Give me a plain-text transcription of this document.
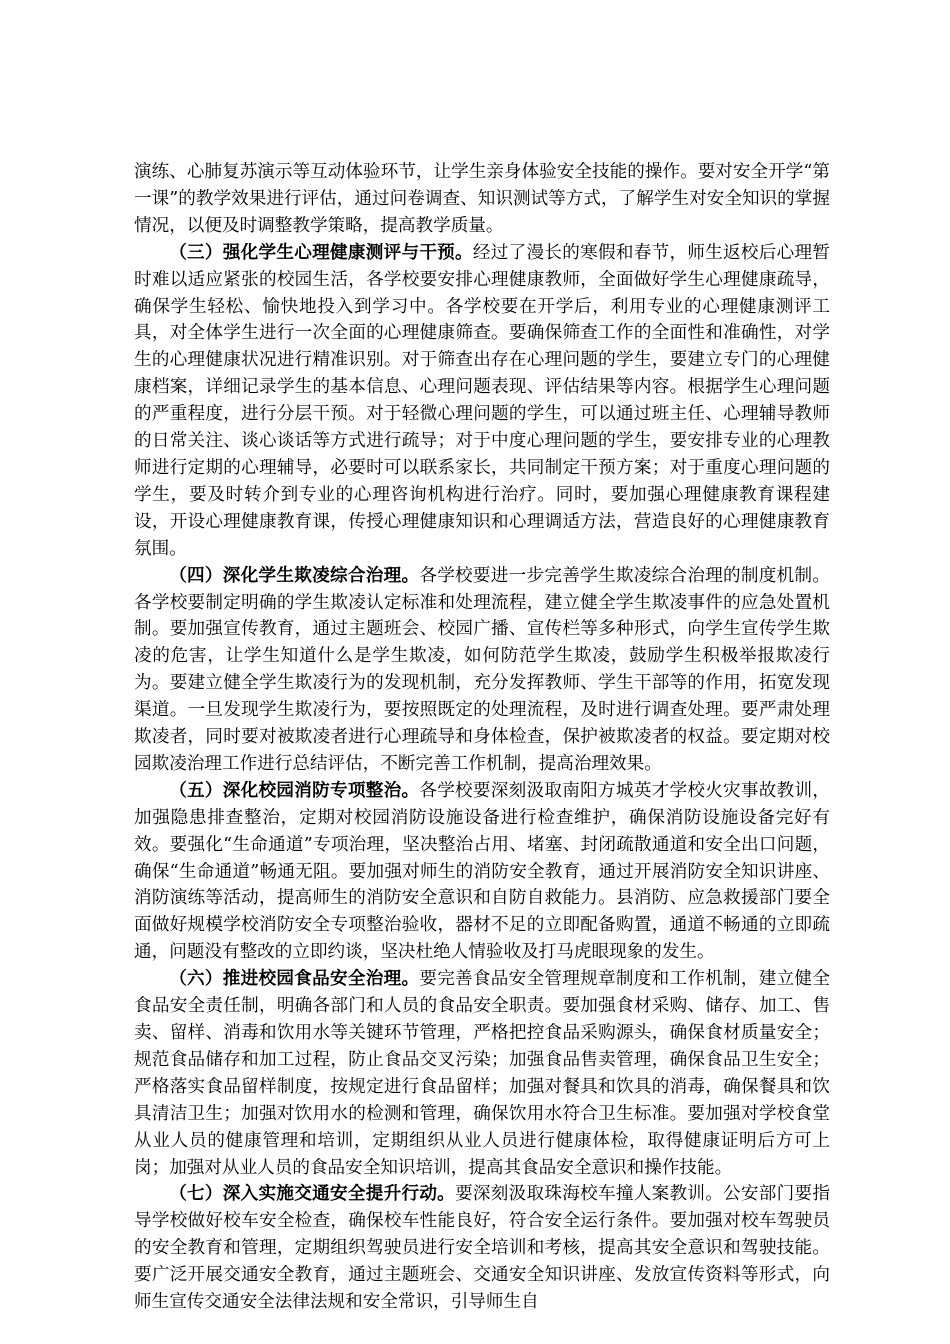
演练、心肺复苏演示等互动体验环节，让学生亲身体验安全技能的操作。要对安全开学“第一课”的教学效果进行评估，通过问卷调查、知识测试等方式，了解学生对安全知识的掌握情况，以便及时调整教学策略，提高教学质量。

（三）强化学生心理健康测评与干预。经过了漫长的寒假和春节，师生返校后心理暂时难以适应紧张的校园生活，各学校要安排心理健康教师，全面做好学生心理健康疏导，确保学生轻松、愉快地投入到学习中。各学校要在开学后，利用专业的心理健康测评工具，对全体学生进行一次全面的心理健康筛查。要确保筛查工作的全面性和准确性，对学生的心理健康状况进行精准识别。对于筛查出存在心理问题的学生，要建立专门的心理健康档案，详细记录学生的基本信息、心理问题表现、评估结果等内容。根据学生心理问题的严重程度，进行分层干预。对于轻微心理问题的学生，可以通过班主任、心理辅导教师的日常关注、谈心谈话等方式进行疏导；对于中度心理问题的学生，要安排专业的心理教师进行定期的心理辅导，必要时可以联系家长，共同制定干预方案；对于重度心理问题的学生，要及时转介到专业的心理咨询机构进行治疗。同时，要加强心理健康教育课程建设，开设心理健康教育课，传授心理健康知识和心理调适方法，营造良好的心理健康教育氛围。

（四）深化学生欺凌综合治理。各学校要进一步完善学生欺凌综合治理的制度机制。各学校要制定明确的学生欺凌认定标准和处理流程，建立健全学生欺凌事件的应急处置机制。要加强宣传教育，通过主题班会、校园广播、宣传栏等多种形式，向学生宣传学生欺凌的危害，让学生知道什么是学生欺凌，如何防范学生欺凌，鼓励学生积极举报欺凌行为。要建立健全学生欺凌行为的发现机制，充分发挥教师、学生干部等的作用，拓宽发现渠道。一旦发现学生欺凌行为，要按照既定的处理流程，及时进行调查处理。要严肃处理欺凌者，同时要对被欺凌者进行心理疏导和身体检查，保护被欺凌者的权益。要定期对校园欺凌治理工作进行总结评估，不断完善工作机制，提高治理效果。

（五）深化校园消防专项整治。各学校要深刻汲取南阳方城英才学校火灾事故教训，加强隐患排查整治，定期对校园消防设施设备进行检查维护，确保消防设施设备完好有效。要强化“生命通道”专项治理，坚决整治占用、堵塞、封闭疏散通道和安全出口问题，确保“生命通道”畅通无阻。要加强对师生的消防安全教育，通过开展消防安全知识讲座、消防演练等活动，提高师生的消防安全意识和自防自救能力。县消防、应急救援部门要全面做好规模学校消防安全专项整治验收，器材不足的立即配备购置，通道不畅通的立即疏通，问题没有整改的立即约谈，坚决杜绝人情验收及打马虎眼现象的发生。

（六）推进校园食品安全治理。要完善食品安全管理规章制度和工作机制，建立健全食品安全责任制，明确各部门和人员的食品安全职责。要加强食材采购、储存、加工、售卖、留样、消毒和饮用水等关键环节管理，严格把控食品采购源头，确保食材质量安全；规范食品储存和加工过程，防止食品交叉污染；加强食品售卖管理，确保食品卫生安全；严格落实食品留样制度，按规定进行食品留样；加强对餐具和饮具的消毒，确保餐具和饮具清洁卫生；加强对饮用水的检测和管理，确保饮用水符合卫生标准。要加强对学校食堂从业人员的健康管理和培训，定期组织从业人员进行健康体检，取得健康证明后方可上岗；加强对从业人员的食品安全知识培训，提高其食品安全意识和操作技能。

（七）深入实施交通安全提升行动。要深刻汲取珠海校车撞人案教训。公安部门要指导学校做好校车安全检查，确保校车性能良好，符合安全运行条件。要加强对校车驾驶员的安全教育和管理，定期组织驾驶员进行安全培训和考核，提高其安全意识和驾驶技能。要广泛开展交通安全教育，通过主题班会、交通安全知识讲座、发放宣传资料等形式，向师生宣传交通安全法律法规和安全常识，引导师生自
